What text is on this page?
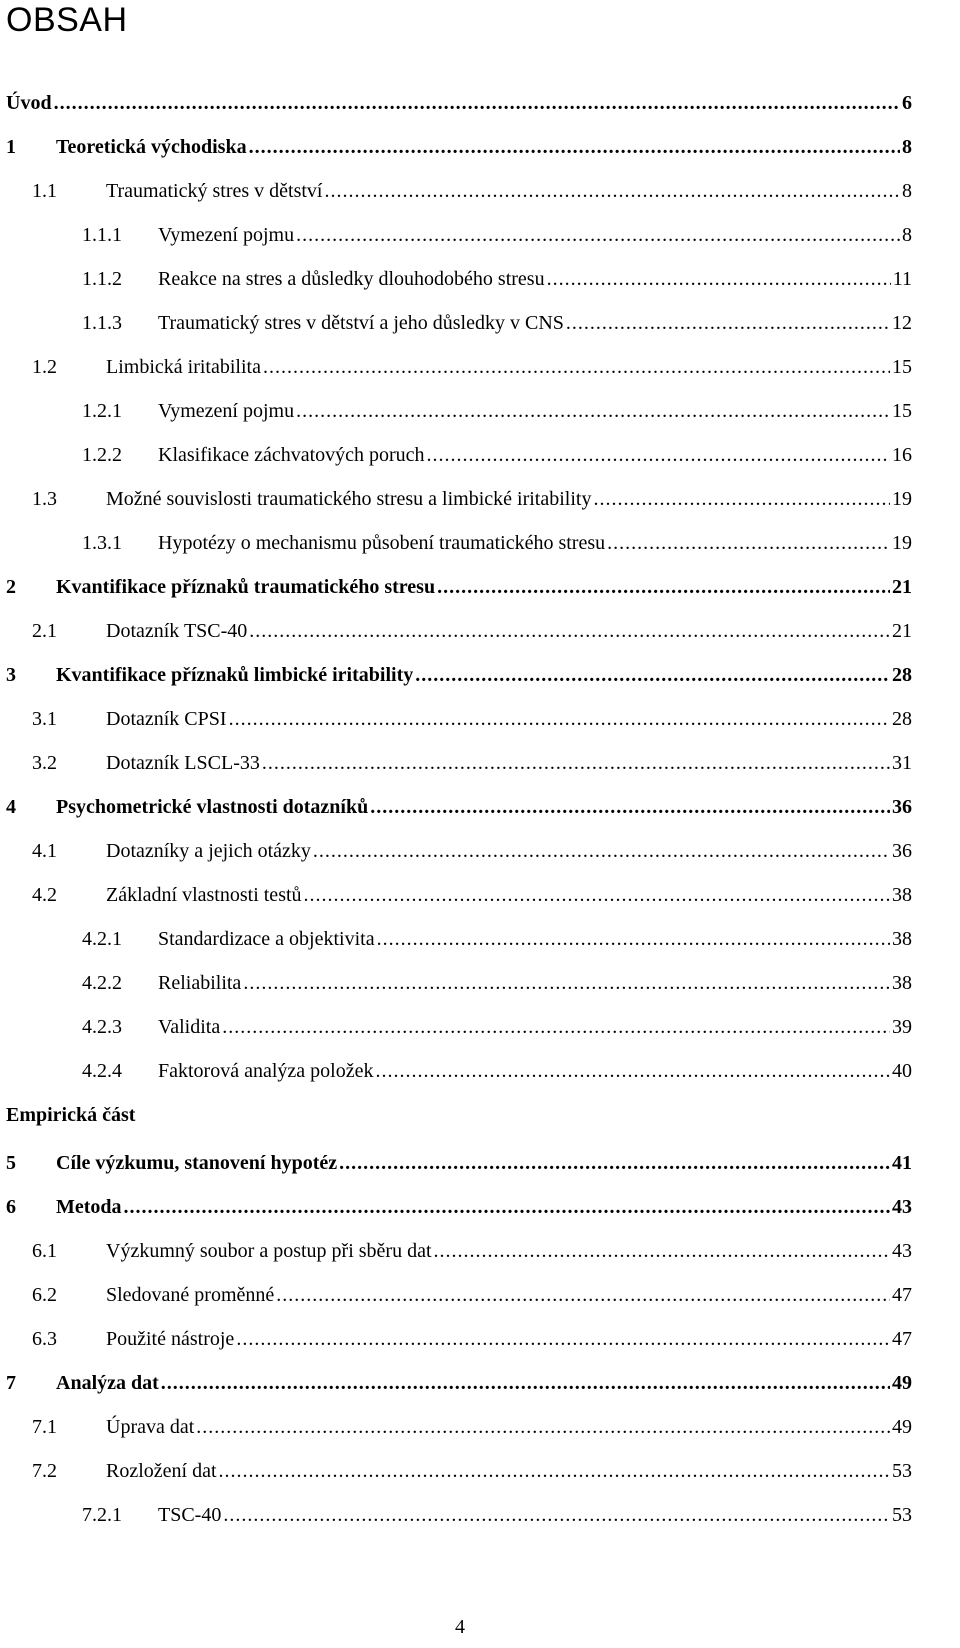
OBSAH
Úvod .....	6
1	Teoretická východiska .....	8
1.1	Traumatický stres v dětství .....	8
1.1.1	Vymezení pojmu .....	8
1.1.2	Reakce na stres a důsledky dlouhodobého stresu .....	11
1.1.3	Traumatický stres v dětství a jeho důsledky v CNS .....	12
1.2	Limbická iritabilita .....	15
1.2.1	Vymezení pojmu .....	15
1.2.2	Klasifikace záchvatových poruch .....	16
1.3	Možné souvislosti traumatického stresu a limbické iritability .....	19
1.3.1	Hypotézy o mechanismu působení traumatického stresu .....	19
2	Kvantifikace příznaků traumatického stresu .....	21
2.1	Dotazník TSC-40 .....	21
3	Kvantifikace příznaků limbické iritability .....	28
3.1	Dotazník CPSI .....	28
3.2	Dotazník LSCL-33 .....	31
4	Psychometrické vlastnosti dotazníků .....	36
4.1	Dotazníky a jejich otázky .....	36
4.2	Základní vlastnosti testů .....	38
4.2.1	Standardizace a objektivita .....	38
4.2.2	Reliabilita .....	38
4.2.3	Validita .....	39
4.2.4	Faktorová analýza položek .....	40
Empirická část
5	Cíle výzkumu, stanovení hypotéz .....	41
6	Metoda .....	43
6.1	Výzkumný soubor a postup při sběru dat .....	43
6.2	Sledované proměnné .....	47
6.3	Použité nástroje .....	47
7	Analýza dat .....	49
7.1	Úprava dat .....	49
7.2	Rozložení dat .....	53
7.2.1	TSC-40 .....	53
4
